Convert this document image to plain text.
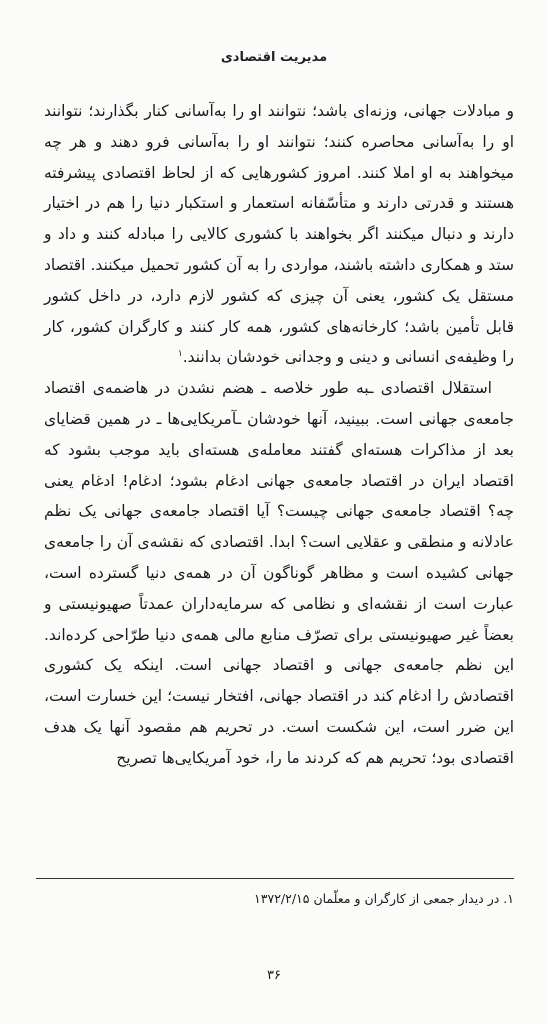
مدیریت اقتصادی

و مبادلات جهانی، وزنه‌ای باشد؛ نتوانند او را به‌آسانی کنار بگذارند؛ نتوانند او را به‌آسانی محاصره کنند؛ نتوانند او را به‌آسانی فرو دهند و هر چه میخواهند به او املا کنند. امروز کشورهایی که از لحاظ اقتصادی پیشرفته هستند و قدرتی دارند و متأسّفانه استعمار و استکبار دنیا را هم در اختیار دارند و دنبال میکنند اگر بخواهند با کشوری کالایی را مبادله کنند و داد و ستد و همکاری داشته باشند، مواردی را به آن کشور تحمیل میکنند. اقتصاد مستقل یک کشور، یعنی آن چیزی که کشور لازم دارد، در داخل کشور قابل تأمین باشد؛ کارخانه‌های کشور، همه کار کنند و کارگران کشور، کار را وظیفه‌ی انسانی و دینی و وجدانی خودشان بدانند.$^۱$

استقلال اقتصادی ـبه طور خلاصه ـ هضم نشدن در هاضمه‌ی اقتصاد جامعه‌ی جهانی است. ببینید، آنها خودشان ـآمریکایی‌ها ـ در همین قضایای بعد از مذاکرات هسته‌ای گفتند معامله‌ی هسته‌ای باید موجب بشود که اقتصاد ایران در اقتصاد جامعه‌ی جهانی ادغام بشود؛ ادغام! ادغام یعنی چه؟ اقتصاد جامعه‌ی جهانی چیست؟ آیا اقتصاد جامعه‌ی جهانی یک نظم عادلانه و منطقی و عقلایی است؟ ابدا. اقتصادی که نقشه‌ی آن را جامعه‌ی جهانی کشیده است و مظاهر گوناگون آن در همه‌ی دنیا گسترده است، عبارت است از نقشه‌ای و نظامی که سرمایه‌داران عمدتاً صهیونیستی و بعضاً غیر صهیونیستی برای تصرّف منابع مالی همه‌ی دنیا طرّاحی کرده‌اند. این نظم جامعه‌ی جهانی و اقتصاد جهانی است. اینکه یک کشوری اقتصادش را ادغام کند در اقتصاد جهانی، افتخار نیست؛ این خسارت است، این ضرر است، این شکست است. در تحریم هم مقصود آنها یک هدف اقتصادی بود؛ تحریم هم که کردند ما را، خود آمریکایی‌ها تصریح

۱. در دیدار جمعی از کارگران و معلّمان ۱۳۷۲/۲/۱۵
۳۶
